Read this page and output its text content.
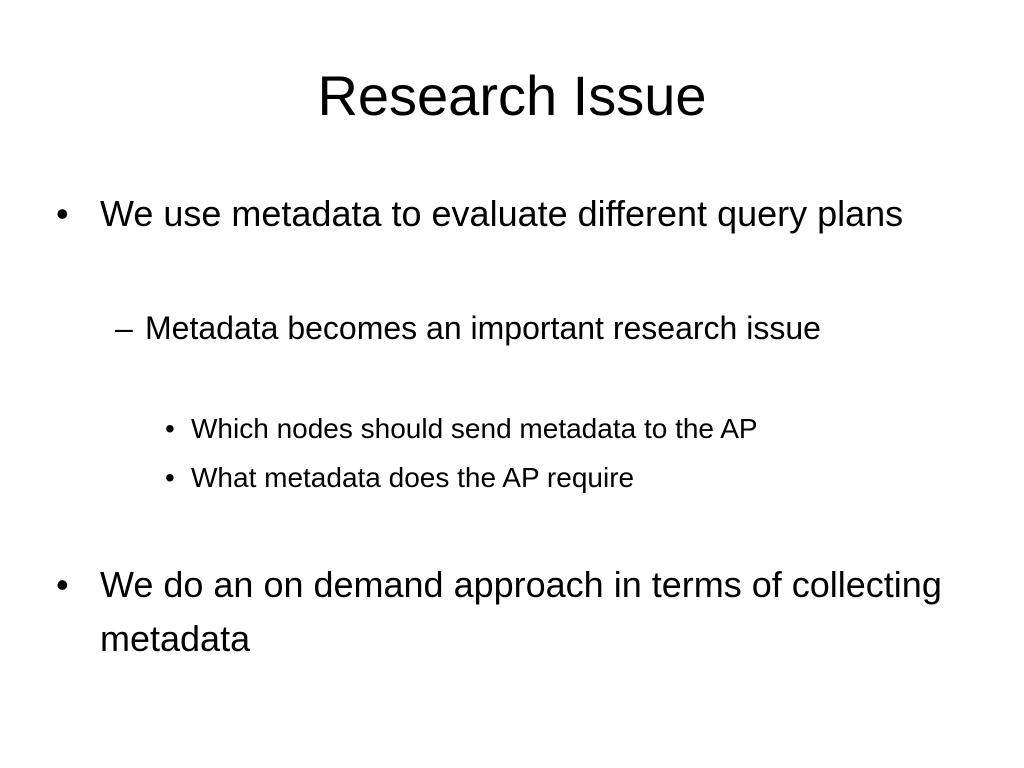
Research Issue
• We use metadata to evaluate different query plans
– Metadata becomes an important research issue
• Which nodes should send metadata to the AP
• What metadata does the AP require
• We do an on demand approach in terms of collecting metadata
